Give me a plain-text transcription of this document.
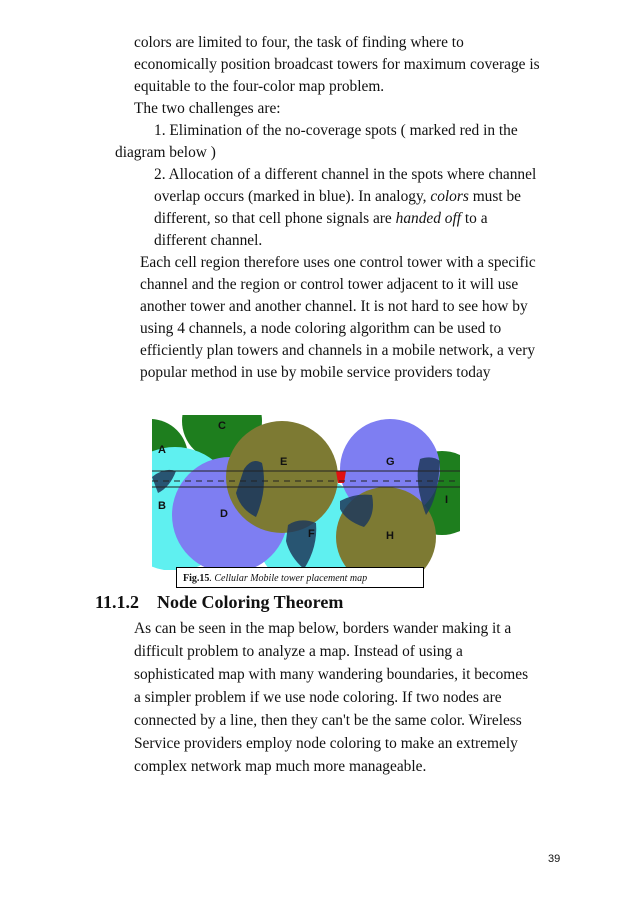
colors are limited to four, the task of finding where to
economically position broadcast towers for maximum coverage is
equitable to the four-color map problem.
The two challenges are:
1. Elimination of the no-coverage spots ( marked red in the
diagram below )
2. Allocation of a different channel in the spots where channel
overlap occurs (marked in blue). In analogy, colors must be
different, so that cell phone signals are handed off to a
different channel.
Each cell region therefore uses one control tower with a specific
channel and the region or control tower adjacent to it will use
another tower and another channel. It is not hard to see how by
using 4 channels, a node coloring algorithm can be used to
efficiently plan towers and channels in a mobile network, a very
popular method in use by mobile service providers today
A
B
C
D
E
F
G
H
I
Fig.15. Cellular Mobile tower placement map
11.1.2 Node Coloring Theorem
As can be seen in the map below, borders wander making it a
difficult problem to analyze a map. Instead of using a
sophisticated map with many wandering boundaries, it becomes
a simpler problem if we use node coloring. If two nodes are
connected by a line, then they can't be the same color. Wireless
Service providers employ node coloring to make an extremely
complex network map much more manageable.
39
